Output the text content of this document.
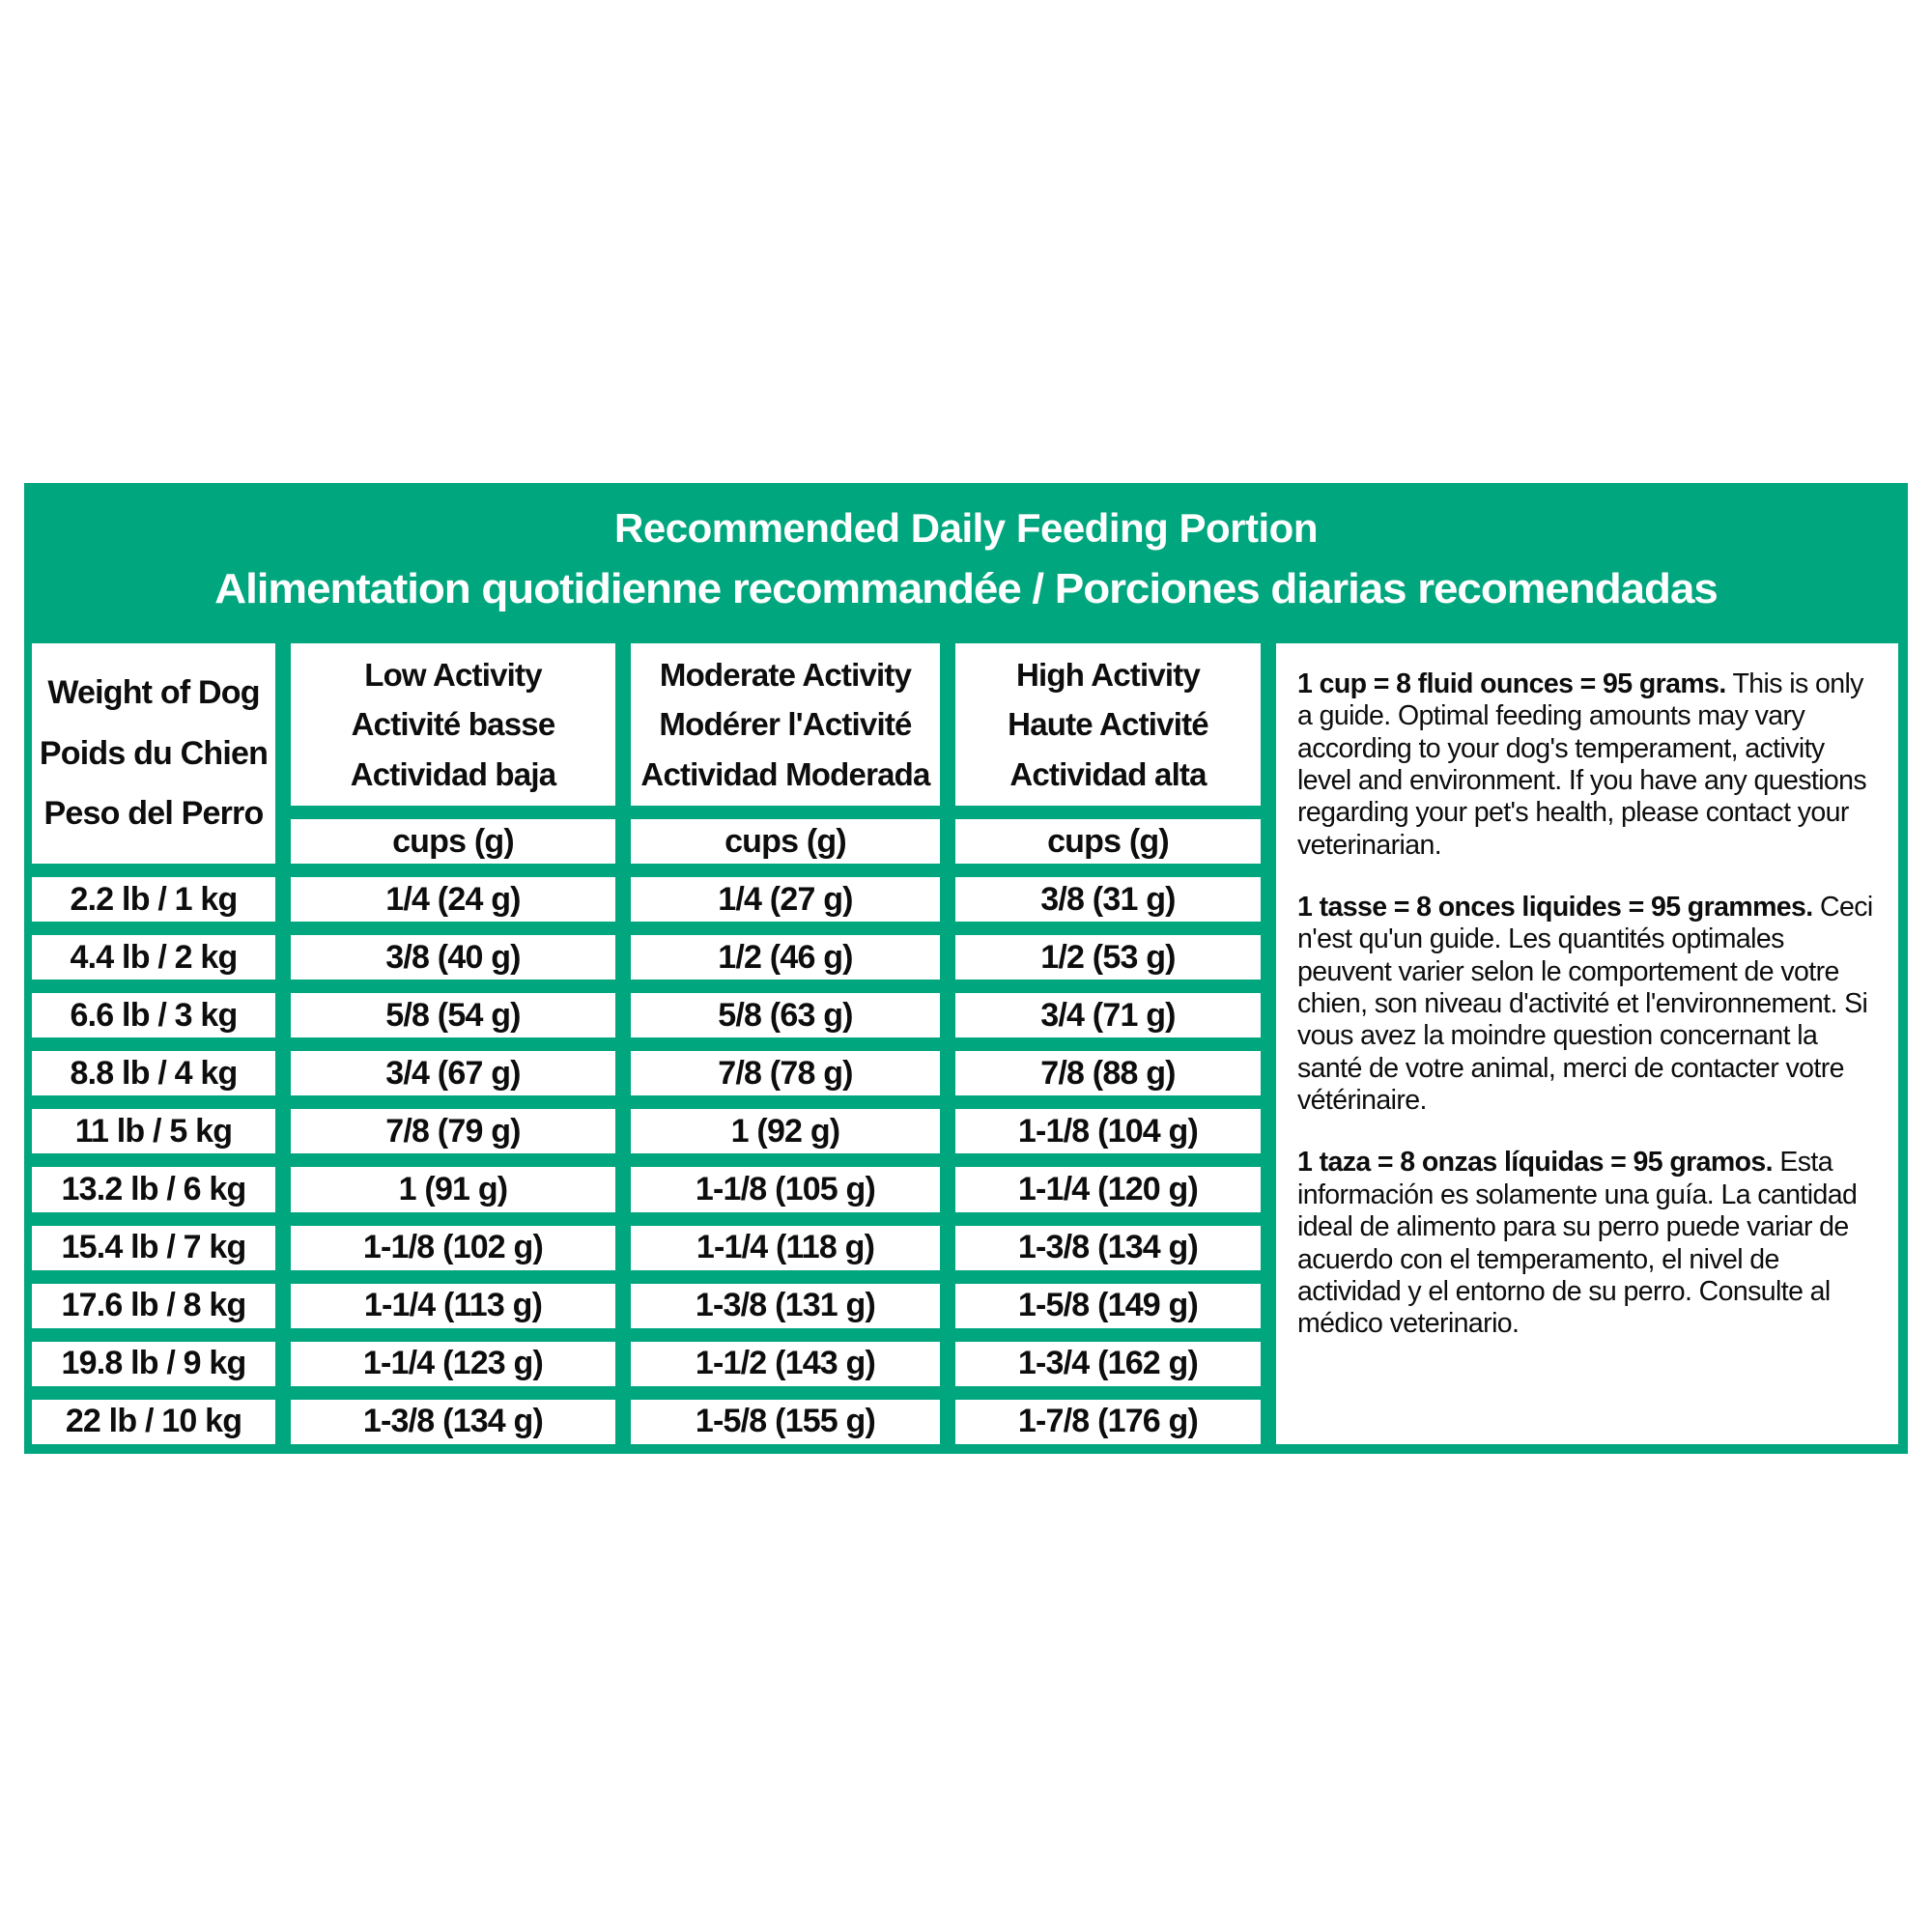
Recommended Daily Feeding Portion
Alimentation quotidienne recommandée / Porciones diarias recomendadas
Weight of Dog
Poids du Chien
Peso del Perro
Low Activity
Activité basse
Actividad baja
Moderate Activity
Modérer l'Activité
Actividad Moderada
High Activity
Haute Activité
Actividad alta
cups (g)	cups (g)	cups (g)
2.2 lb / 1 kg	1/4 (24 g)	1/4 (27 g)	3/8 (31 g)
4.4 lb / 2 kg	3/8 (40 g)	1/2 (46 g)	1/2 (53 g)
6.6 lb / 3 kg	5/8 (54 g)	5/8 (63 g)	3/4 (71 g)
8.8 lb / 4 kg	3/4 (67 g)	7/8 (78 g)	7/8 (88 g)
11 lb / 5 kg	7/8 (79 g)	1 (92 g)	1-1/8 (104 g)
13.2 lb / 6 kg	1 (91 g)	1-1/8 (105 g)	1-1/4 (120 g)
15.4 lb / 7 kg	1-1/8 (102 g)	1-1/4 (118 g)	1-3/8 (134 g)
17.6 lb / 8 kg	1-1/4 (113 g)	1-3/8 (131 g)	1-5/8 (149 g)
19.8 lb / 9 kg	1-1/4 (123 g)	1-1/2 (143 g)	1-3/4 (162 g)
22 lb / 10 kg	1-3/8 (134 g)	1-5/8 (155 g)	1-7/8 (176 g)

1 cup = 8 fluid ounces = 95 grams. This is only a guide. Optimal feeding amounts may vary according to your dog's temperament, activity level and environment. If you have any questions regarding your pet's health, please contact your veterinarian.

1 tasse = 8 onces liquides = 95 grammes. Ceci n'est qu'un guide. Les quantités optimales peuvent varier selon le comportement de votre chien, son niveau d'activité et l'environnement. Si vous avez la moindre question concernant la santé de votre animal, merci de contacter votre vétérinaire.

1 taza = 8 onzas líquidas = 95 gramos. Esta información es solamente una guía. La cantidad ideal de alimento para su perro puede variar de acuerdo con el temperamento, el nivel de actividad y el entorno de su perro. Consulte al médico veterinario.
